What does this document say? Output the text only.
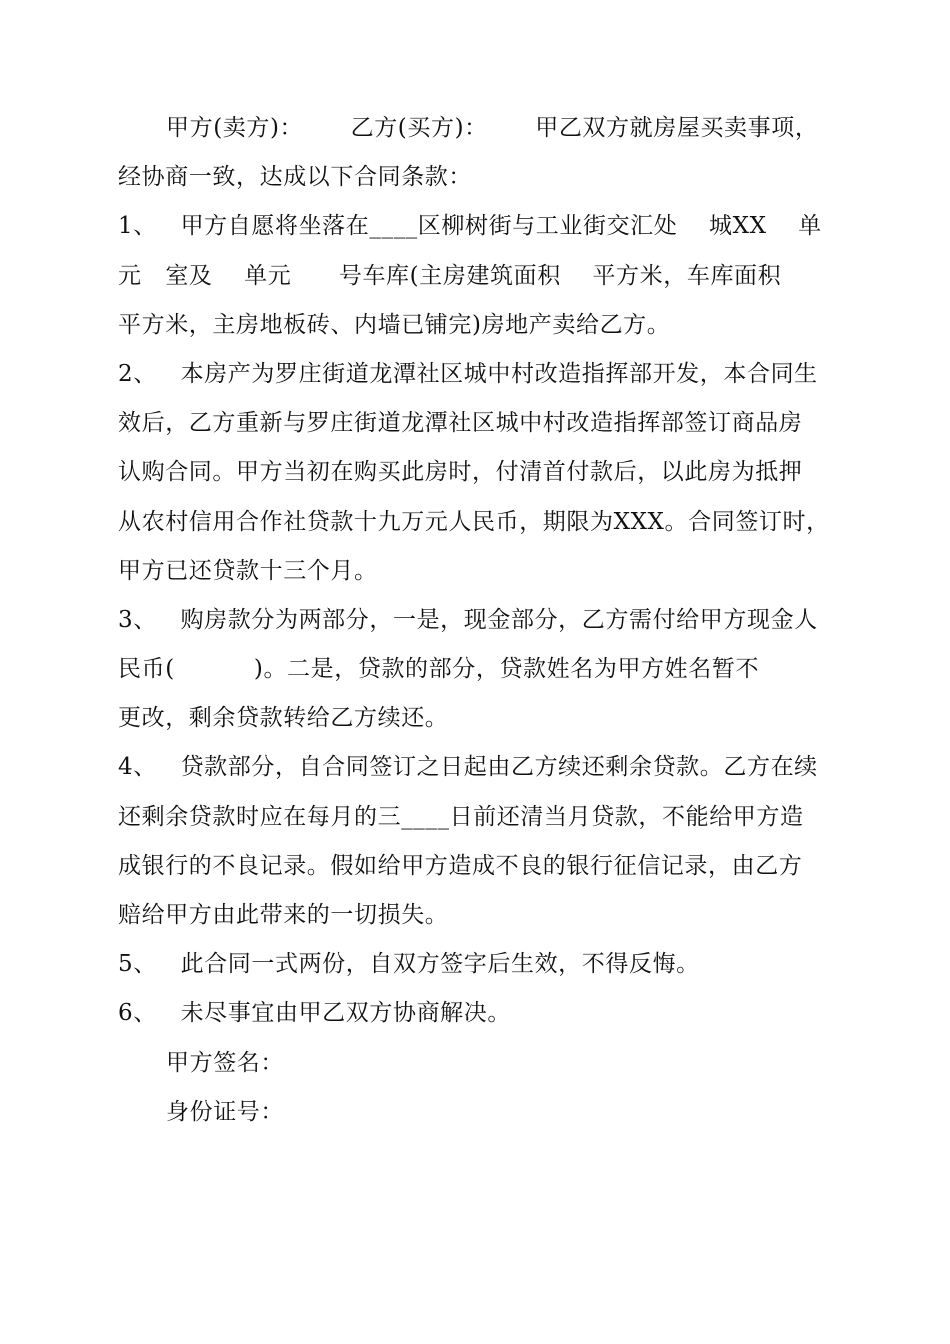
甲方(卖方)：      乙方(买方)：      甲乙双方就房屋买卖事项，
经协商一致，达成以下合同条款：
1、   甲方自愿将坐落在____区柳树街与工业街交汇处    城XX    单
元   室及    单元      号车库(主房建筑面积    平方米，车库面积
平方米，主房地板砖、内墙已铺完)房地产卖给乙方。
2、   本房产为罗庄街道龙潭社区城中村改造指挥部开发，本合同生
效后，乙方重新与罗庄街道龙潭社区城中村改造指挥部签订商品房
认购合同。甲方当初在购买此房时，付清首付款后，以此房为抵押
从农村信用合作社贷款十九万元人民币，期限为XXX。合同签订时，
甲方已还贷款十三个月。
3、   购房款分为两部分，一是，现金部分，乙方需付给甲方现金人
民币(          )。二是，贷款的部分，贷款姓名为甲方姓名暂不
更改，剩余贷款转给乙方续还。
4、   贷款部分，自合同签订之日起由乙方续还剩余贷款。乙方在续
还剩余贷款时应在每月的三____日前还清当月贷款，不能给甲方造
成银行的不良记录。假如给甲方造成不良的银行征信记录，由乙方
赔给甲方由此带来的一切损失。
5、   此合同一式两份，自双方签字后生效，不得反悔。
6、   未尽事宜由甲乙双方协商解决。
甲方签名：
身份证号：
